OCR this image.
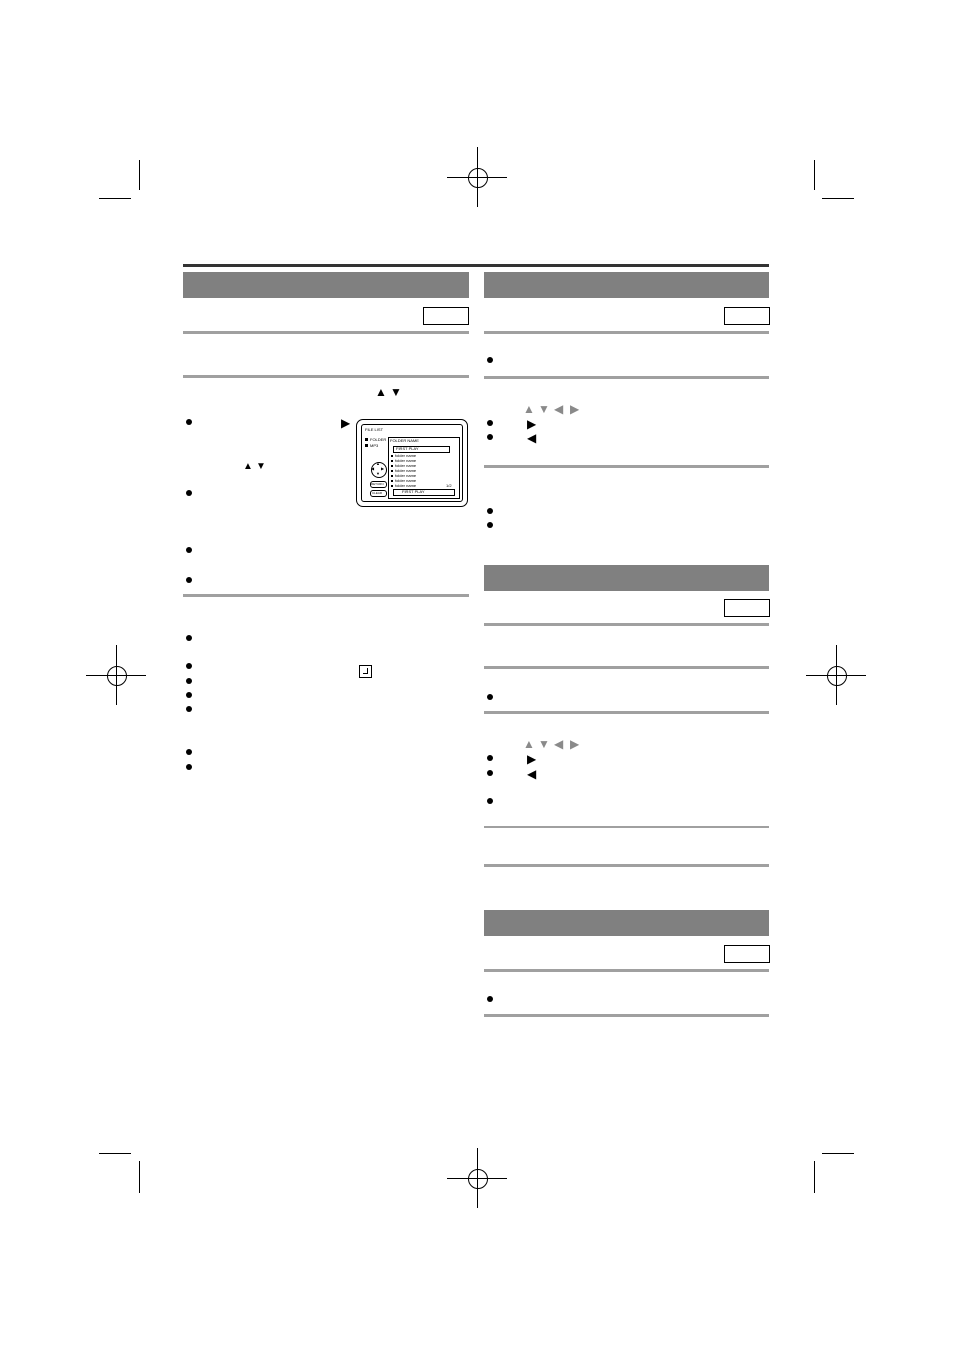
▲ ▼
▶
▲ ▼
FILE LIST
FOLDER
MP3
FOLDER NAME
FIRST PLAY
folder name
folder name
folder name
folder name
folder name
folder name
folder name	1/2
FIRST PLAY
▲
▼
◀ ▶
RETURN
CLEAR
▲ ▼ ◀ ▶
▶
◀
▲ ▼ ◀ ▶
▶
◀
